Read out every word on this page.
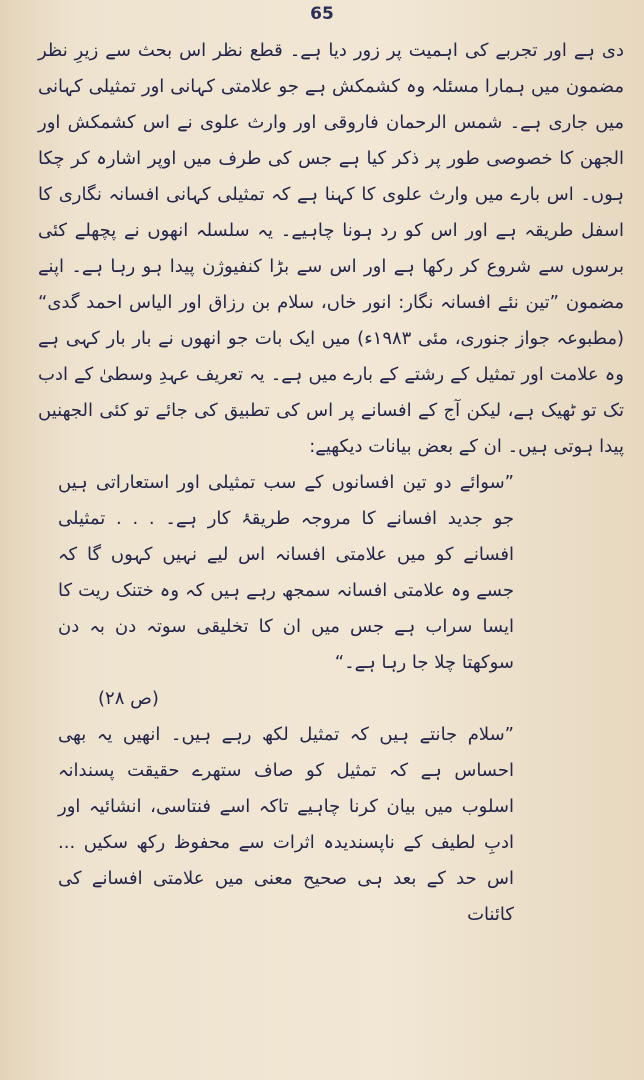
65

دی ہے اور تجربے کی اہمیت پر زور دیا ہے۔ قطع نظر اس بحث سے زیرِ نظر مضمون میں ہمارا مسئلہ وہ کشمکش ہے جو علامتی کہانی اور تمثیلی کہانی میں جاری ہے۔ شمس الرحمان فاروقی اور وارث علوی نے اس کشمکش اور الجھن کا خصوصی طور پر ذکر کیا ہے جس کی طرف میں اوپر اشارہ کر چکا ہوں۔ اس بارے میں وارث علوی کا کہنا ہے کہ تمثیلی کہانی افسانہ نگاری کا اسفل طریقہ ہے اور اس کو رد ہونا چاہیے۔ یہ سلسلہ انھوں نے پچھلے کئی برسوں سے شروع کر رکھا ہے اور اس سے بڑا کنفیوژن پیدا ہو رہا ہے۔ اپنے مضمون ”تین نئے افسانہ نگار: انور خاں، سلام بن رزاق اور الیاس احمد گدی“ (مطبوعہ جواز جنوری، مئی ۱۹۸۳ء) میں ایک بات جو انھوں نے بار بار کہی ہے وہ علامت اور تمثیل کے رشتے کے بارے میں ہے۔ یہ تعریف عہدِ وسطیٰ کے ادب تک تو ٹھیک ہے، لیکن آج کے افسانے پر اس کی تطبیق کی جائے تو کئی الجھنیں پیدا ہوتی ہیں۔ ان کے بعض بیانات دیکھیے:

”سوائے دو تین افسانوں کے سب تمثیلی اور استعاراتی ہیں جو جدید افسانے کا مروجہ طریقۂ کار ہے۔ . . . تمثیلی افسانے کو میں علامتی افسانہ اس لیے نہیں کہوں گا کہ جسے وہ علامتی افسانہ سمجھ رہے ہیں کہ وہ ختنک ریت کا ایسا سراب ہے جس میں ان کا تخلیقی سوتہ دن بہ دن سوکھتا چلا جا رہا ہے۔“
(ص ۲۸)
”سلام جانتے ہیں کہ تمثیل لکھ رہے ہیں۔ انھیں یہ بھی احساس ہے کہ تمثیل کو صاف ستھرے حقیقت پسندانہ اسلوب میں بیان کرنا چاہیے تاکہ اسے فنتاسی، انشائیہ اور ادبِ لطیف کے ناپسندیدہ اثرات سے محفوظ رکھ سکیں ... اس حد کے بعد ہی صحیح معنی میں علامتی افسانے کی کائنات
